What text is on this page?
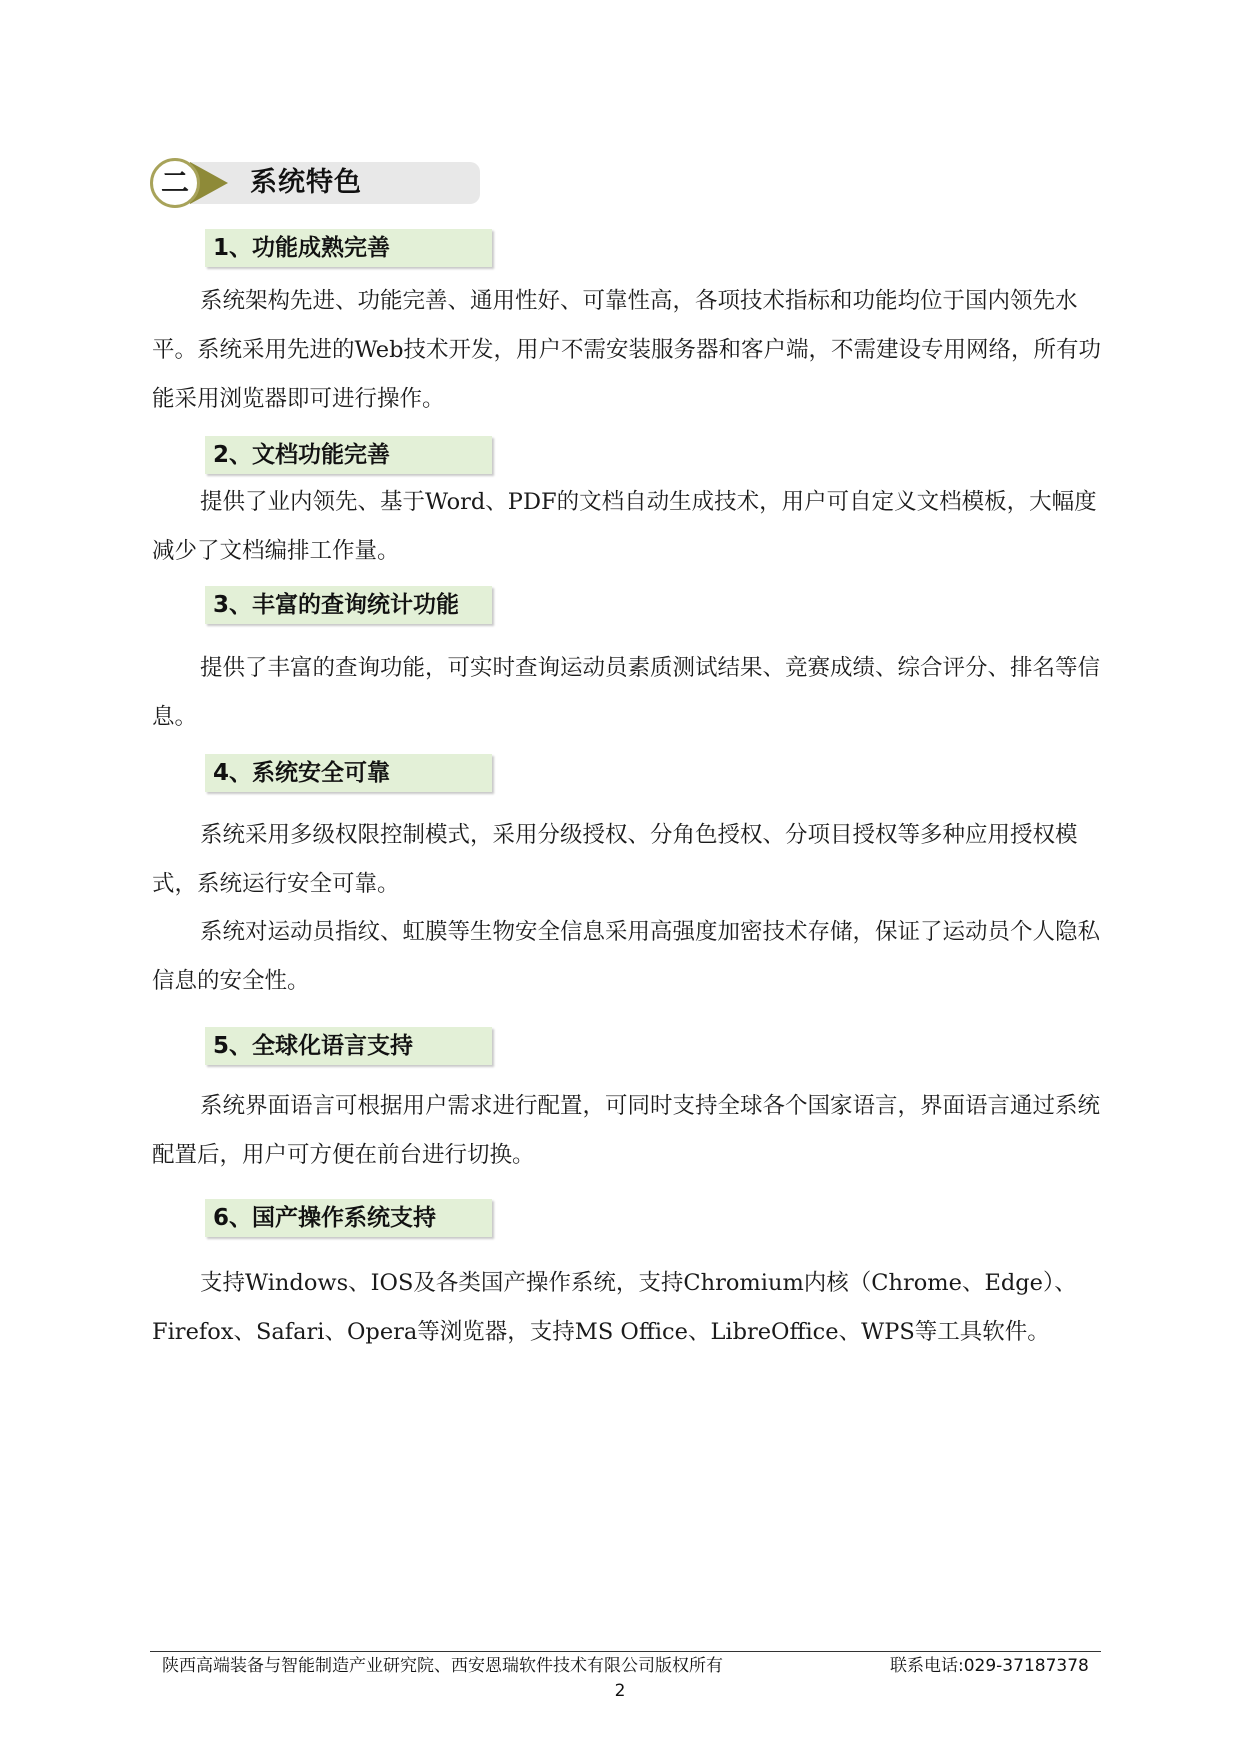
二	系统特色
1、功能成熟完善

系统架构先进、功能完善、通用性好、可靠性高，各项技术指标和功能均位于国内领先水平。系统采用先进的Web技术开发，用户不需安装服务器和客户端，不需建设专用网络，所有功能采用浏览器即可进行操作。

2、文档功能完善

提供了业内领先、基于Word、PDF的文档自动生成技术，用户可自定义文档模板，大幅度减少了文档编排工作量。

3、丰富的查询统计功能

提供了丰富的查询功能，可实时查询运动员素质测试结果、竞赛成绩、综合评分、排名等信息。

4、系统安全可靠

系统采用多级权限控制模式，采用分级授权、分角色授权、分项目授权等多种应用授权模式，系统运行安全可靠。

系统对运动员指纹、虹膜等生物安全信息采用高强度加密技术存储，保证了运动员个人隐私信息的安全性。

5、全球化语言支持

系统界面语言可根据用户需求进行配置，可同时支持全球各个国家语言，界面语言通过系统配置后，用户可方便在前台进行切换。

6、国产操作系统支持

支持Windows、IOS及各类国产操作系统，支持Chromium内核（Chrome、Edge）、Firefox、Safari、Opera等浏览器，支持MS Office、LibreOffice、WPS等工具软件。

陕西高端装备与智能制造产业研究院、西安恩瑞软件技术有限公司版权所有	联系电话:029-37187378
2
